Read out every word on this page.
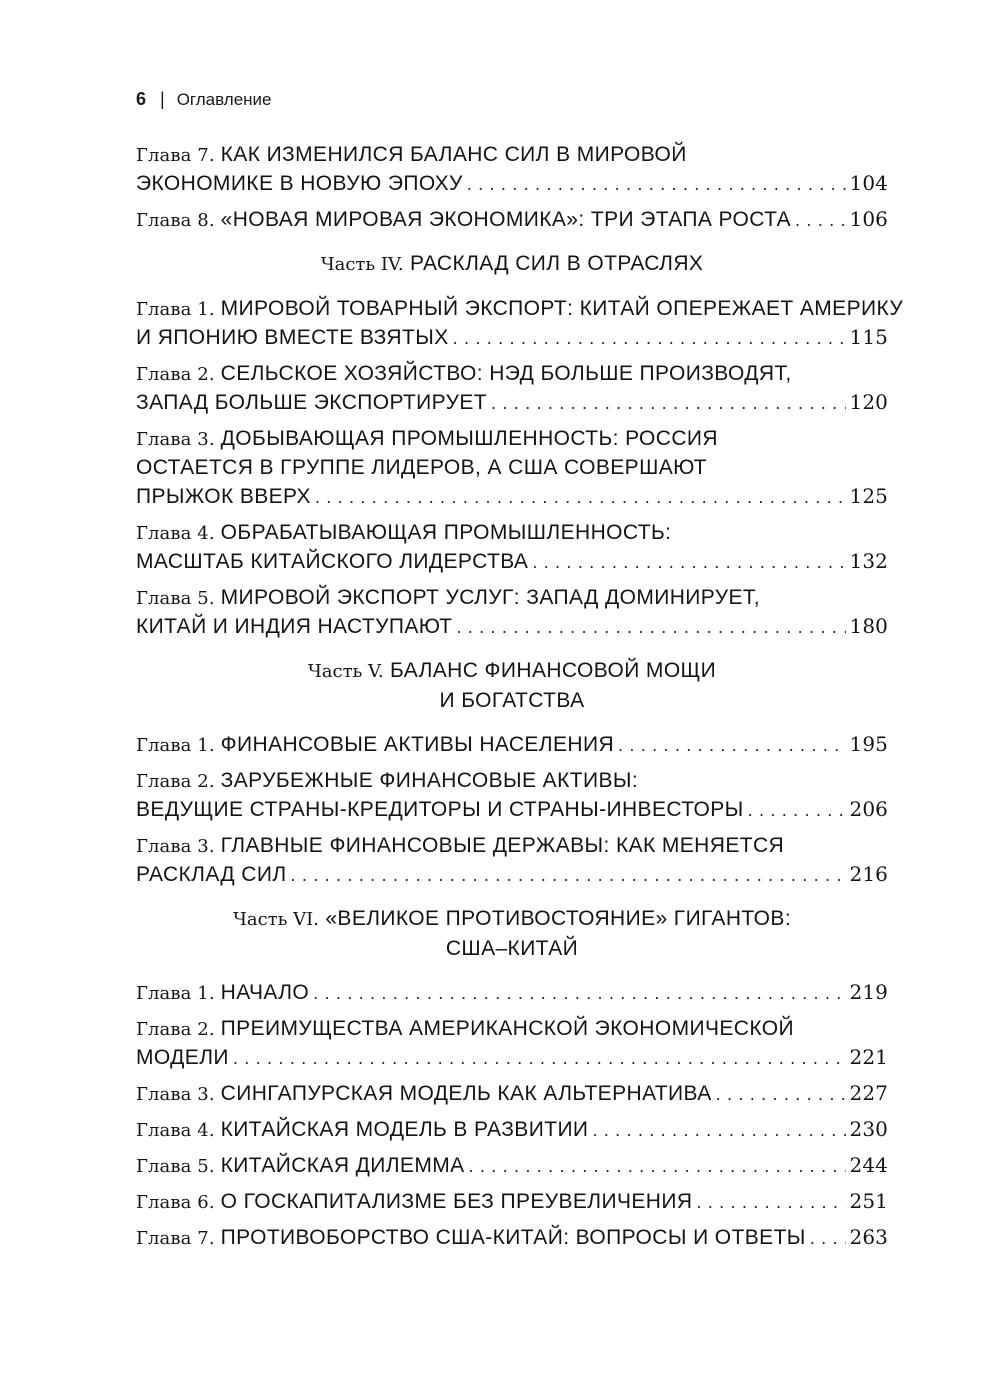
6 | Оглавление
Глава 7. КАК ИЗМЕНИЛСЯ БАЛАНС СИЛ В МИРОВОЙ
ЭКОНОМИКЕ В НОВУЮ ЭПОХУ . . .	104
Глава 8. «НОВАЯ МИРОВАЯ ЭКОНОМИКА»: ТРИ ЭТАПА РОСТА . . .	106
Часть IV. РАСКЛАД СИЛ В ОТРАСЛЯХ
Глава 1. МИРОВОЙ ТОВАРНЫЙ ЭКСПОРТ: КИТАЙ ОПЕРЕЖАЕТ АМЕРИКУ
И ЯПОНИЮ ВМЕСТЕ ВЗЯТЫХ . . .	115
Глава 2. СЕЛЬСКОЕ ХОЗЯЙСТВО: НЭД БОЛЬШЕ ПРОИЗВОДЯТ,
ЗАПАД БОЛЬШЕ ЭКСПОРТИРУЕТ . . .	120
Глава 3. ДОБЫВАЮЩАЯ ПРОМЫШЛЕННОСТЬ: РОССИЯ
ОСТАЕТСЯ В ГРУППЕ ЛИДЕРОВ, А США СОВЕРШАЮТ
ПРЫЖОК ВВЕРХ . . .	125
Глава 4. ОБРАБАТЫВАЮЩАЯ ПРОМЫШЛЕННОСТЬ:
МАСШТАБ КИТАЙСКОГО ЛИДЕРСТВА . . .	132
Глава 5. МИРОВОЙ ЭКСПОРТ УСЛУГ: ЗАПАД ДОМИНИРУЕТ,
КИТАЙ И ИНДИЯ НАСТУПАЮТ . . .	180
Часть V. БАЛАНС ФИНАНСОВОЙ МОЩИ
И БОГАТСТВА
Глава 1. ФИНАНСОВЫЕ АКТИВЫ НАСЕЛЕНИЯ . . .	195
Глава 2. ЗАРУБЕЖНЫЕ ФИНАНСОВЫЕ АКТИВЫ:
ВЕДУЩИЕ СТРАНЫ-КРЕДИТОРЫ И СТРАНЫ-ИНВЕСТОРЫ . . .	206
Глава 3. ГЛАВНЫЕ ФИНАНСОВЫЕ ДЕРЖАВЫ: КАК МЕНЯЕТСЯ
РАСКЛАД СИЛ . . .	216
Часть VI. «ВЕЛИКОЕ ПРОТИВОСТОЯНИЕ» ГИГАНТОВ:
США–КИТАЙ
Глава 1. НАЧАЛО . . .	219
Глава 2. ПРЕИМУЩЕСТВА АМЕРИКАНСКОЙ ЭКОНОМИЧЕСКОЙ
МОДЕЛИ . . .	221
Глава 3. СИНГАПУРСКАЯ МОДЕЛЬ КАК АЛЬТЕРНАТИВА . . .	227
Глава 4. КИТАЙСКАЯ МОДЕЛЬ В РАЗВИТИИ . . .	230
Глава 5. КИТАЙСКАЯ ДИЛЕММА . . .	244
Глава 6. О ГОСКАПИТАЛИЗМЕ БЕЗ ПРЕУВЕЛИЧЕНИЯ . . .	251
Глава 7. ПРОТИВОБОРСТВО США-КИТАЙ: ВОПРОСЫ И ОТВЕТЫ . . . 263
